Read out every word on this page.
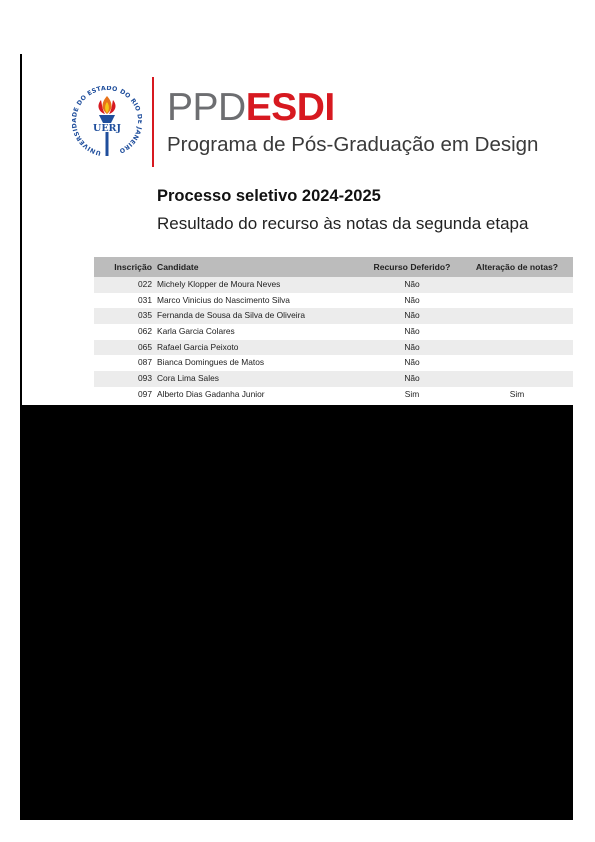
UNIVERSI DE DO ESTADO DO RIO JANEIRO
UERJ PPDESDI
Programa de Pós-Graduação em Design
Processo seletivo 2024-2025
Resultado do recurso às notas da segunda etapa
Inscrição Candidate	Recurso Deferido?	Alteração de notas?
022 Michely Klopper de Moura Neves	Não
031 Marco Vinicius do Nascimento Silva	Não
035 Fernanda de Sousa da Silva de Oliveira	Não
062 Karla Garcia Colares	Não
065 Rafael Garcia Peixoto	Não
087 Bianca Domingues de Matos	Não
093 Cora Lima Sales	Não
097 Alberto Dias Gadanha Junior	Sim	Sim
